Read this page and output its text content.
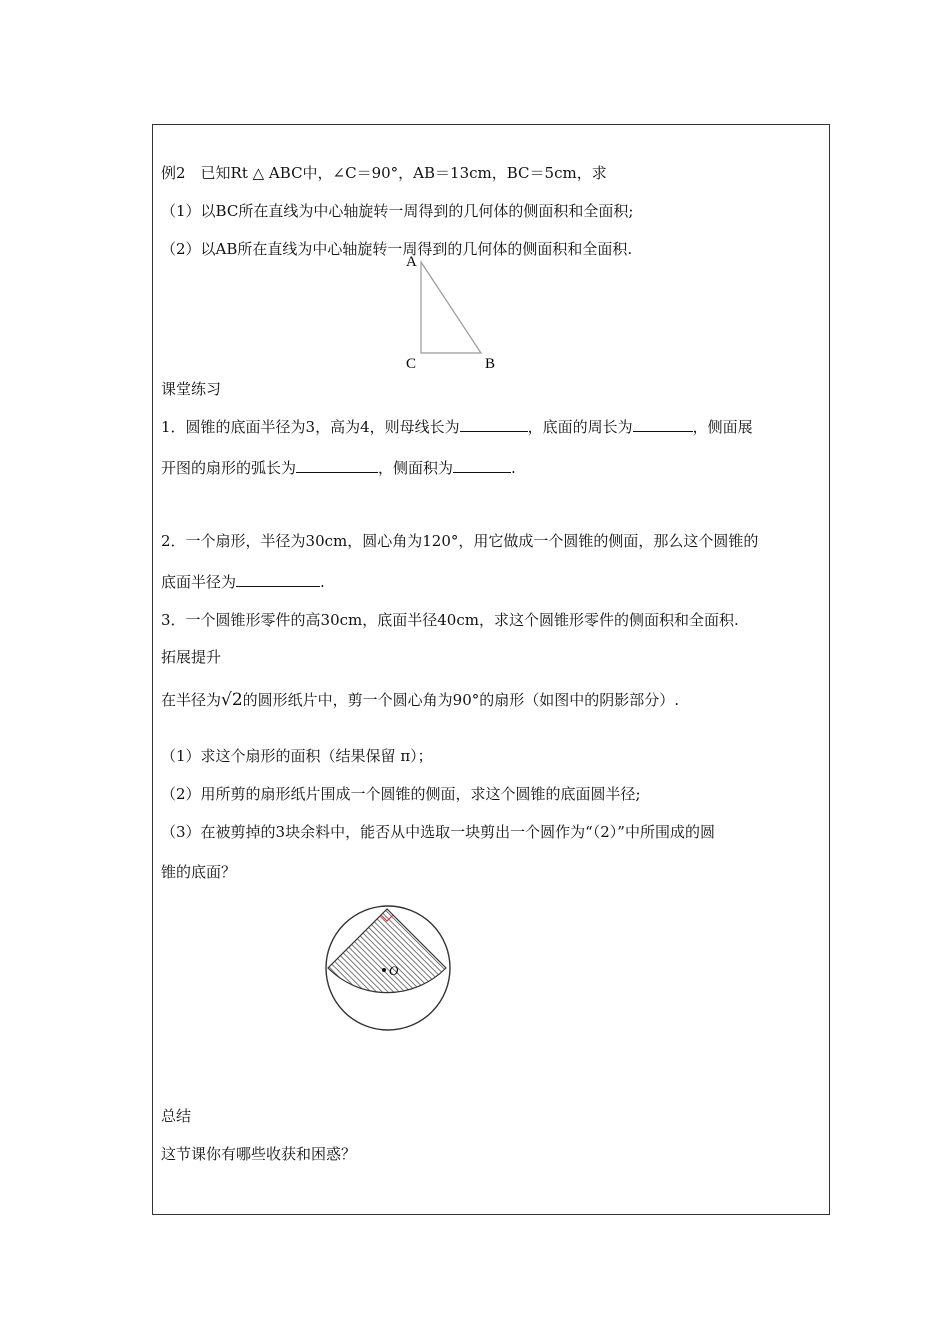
例2　已知Rt △ ABC中，∠C＝90°，AB＝13cm，BC＝5cm，求
（1）以BC所在直线为中心轴旋转一周得到的几何体的侧面积和全面积;
（2）以AB所在直线为中心轴旋转一周得到的几何体的侧面积和全面积.
A
C	B
课堂练习
1．圆锥的底面半径为3，高为4，则母线长为	，底面的周长为	，侧面展
开图的扇形的弧长为	，侧面积为	.
2．一个扇形，半径为30cm，圆心角为120°，用它做成一个圆锥的侧面，那么这个圆锥的
底面半径为	.
3．一个圆锥形零件的高30cm，底面半径40cm，求这个圆锥形零件的侧面积和全面积.
拓展提升
在半径为√2的圆形纸片中，剪一个圆心角为90°的扇形（如图中的阴影部分）.
（1）求这个扇形的面积（结果保留 π）；
（2）用所剪的扇形纸片围成一个圆锥的侧面，求这个圆锥的底面圆半径;
（3）在被剪掉的3块余料中，能否从中选取一块剪出一个圆作为“（2）”中所围成的圆
锥的底面？
O
总结
这节课你有哪些收获和困惑？
